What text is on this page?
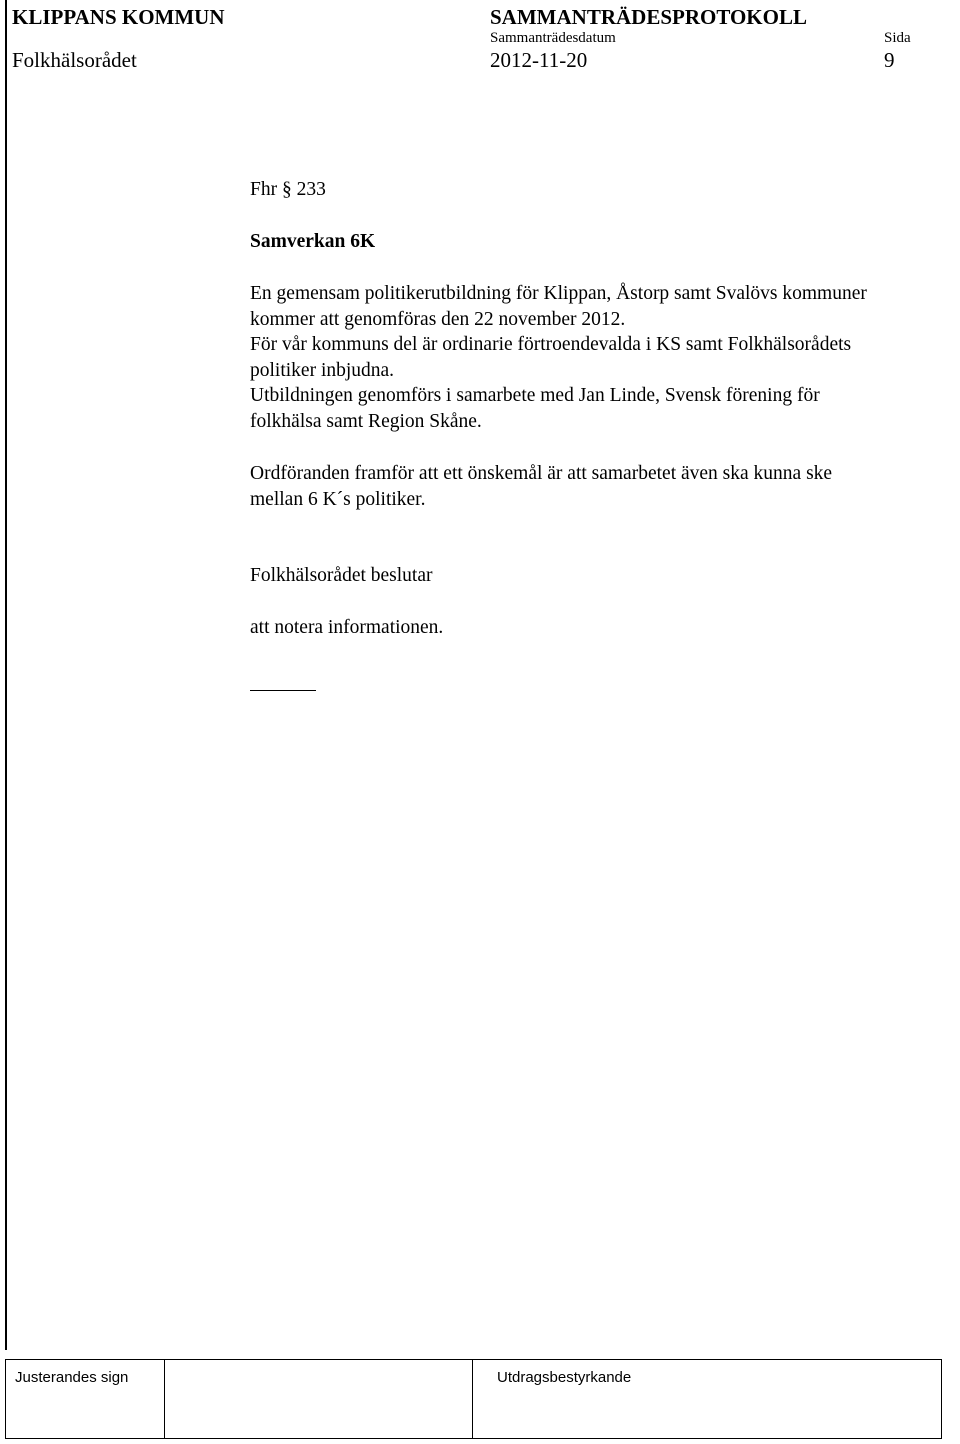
KLIPPANS KOMMUN	SAMMANTRÄDESPROTOKOLL
Sammanträdesdatum	Sida
Folkhälsorådet	2012-11-20	9
Fhr § 233
Samverkan 6K

En gemensam politikerutbildning för Klippan, Åstorp samt Svalövs kommuner

kommer att genomföras den 22 november 2012.

För vår kommuns del är ordinarie förtroendevalda i KS samt Folkhälsorådets

politiker inbjudna.

Utbildningen genomförs i samarbete med Jan Linde, Svensk förening för

folkhälsa samt Region Skåne.

Ordföranden framför att ett önskemål är att samarbetet även ska kunna ske

mellan 6 K´s politiker.

Folkhälsorådet beslutar
att notera informationen.
Justerandes sign	Utdragsbestyrkande
